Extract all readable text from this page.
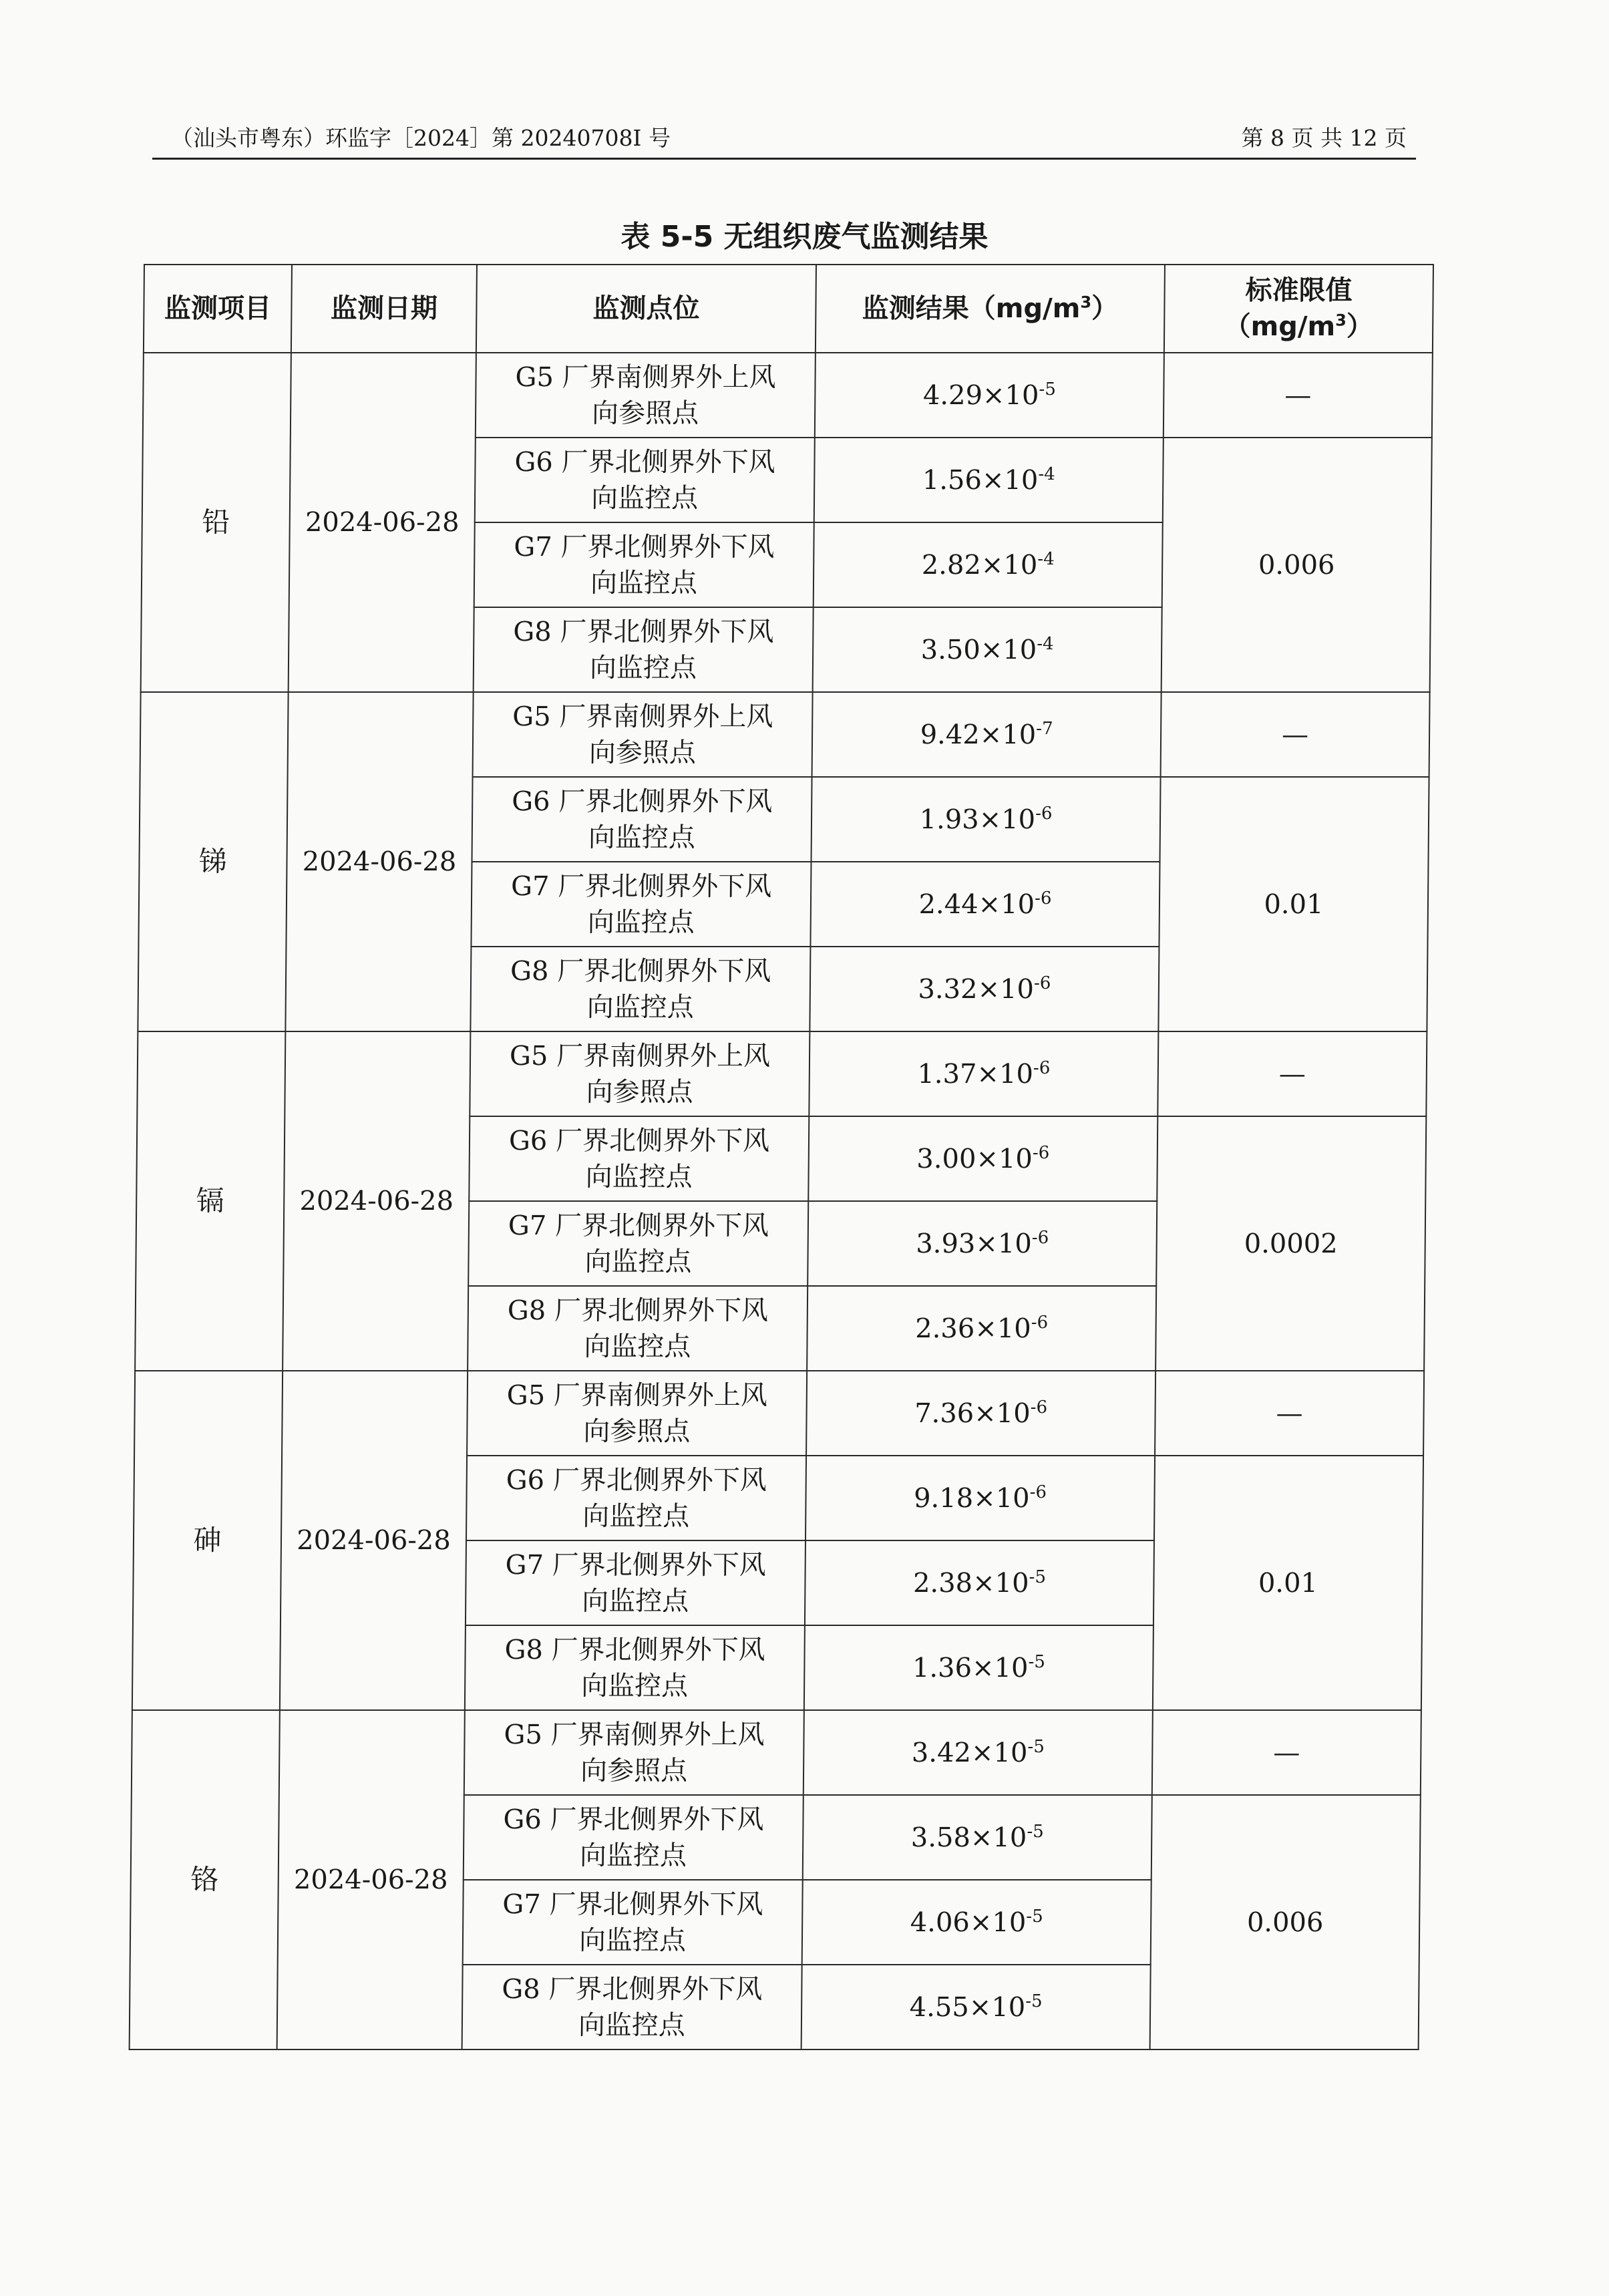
（汕头市粤东）环监字［2024］第 20240708I 号	第 8 页 共 12 页
表 5-5 无组织废气监测结果
监测项目	监测日期	监测点位	监测结果$(mg/m^3)$	标准限值
$(mg/m^3)$
铅	2024-06-28	G5 厂界南侧界外上风
向参照点	$4.29\times 10^{-5}$	—

		G6 厂界北侧界外下风
向监控点	$1.56\times 10^{-4}$	0.006

		G7 厂界北侧界外下风
向监控点	$2.82\times 10^{-4}$

		G8 厂界北侧界外下风
向监控点	$3.50\times 10^{-4}$
锑	2024-06-28	G5 厂界南侧界外上风
向参照点	$9.42\times 10^{-7}$	—

		G6 厂界北侧界外下风
向监控点	$1.93\times 10^{-6}$	0.01

		G7 厂界北侧界外下风
向监控点	$2.44\times 10^{-6}$

		G8 厂界北侧界外下风
向监控点	$3.32\times 10^{-6}$
镉	2024-06-28	G5 厂界南侧界外上风
向参照点	$1.37\times 10^{-6}$	—

		G6 厂界北侧界外下风
向监控点	$3.00\times 10^{-6}$	0.0002

		G7 厂界北侧界外下风
向监控点	$3.93\times 10^{-6}$

		G8 厂界北侧界外下风
向监控点	$2.36\times 10^{-6}$
砷	2024-06-28	G5 厂界南侧界外上风
向参照点	$7.36\times 10^{-6}$	—

		G6 厂界北侧界外下风
向监控点	$9.18\times 10^{-6}$	0.01

		G7 厂界北侧界外下风
向监控点	$2.38\times 10^{-5}$

		G8 厂界北侧界外下风
向监控点	$1.36\times 10^{-5}$
铬	2024-06-28	G5 厂界南侧界外上风
向参照点	$3.42\times 10^{-5}$	—

		G6 厂界北侧界外下风
向监控点	$3.58\times 10^{-5}$	0.006

		G7 厂界北侧界外下风
向监控点	$4.06\times 10^{-5}$

		G8 厂界北侧界外下风
向监控点	$4.55\times 10^{-5}$
